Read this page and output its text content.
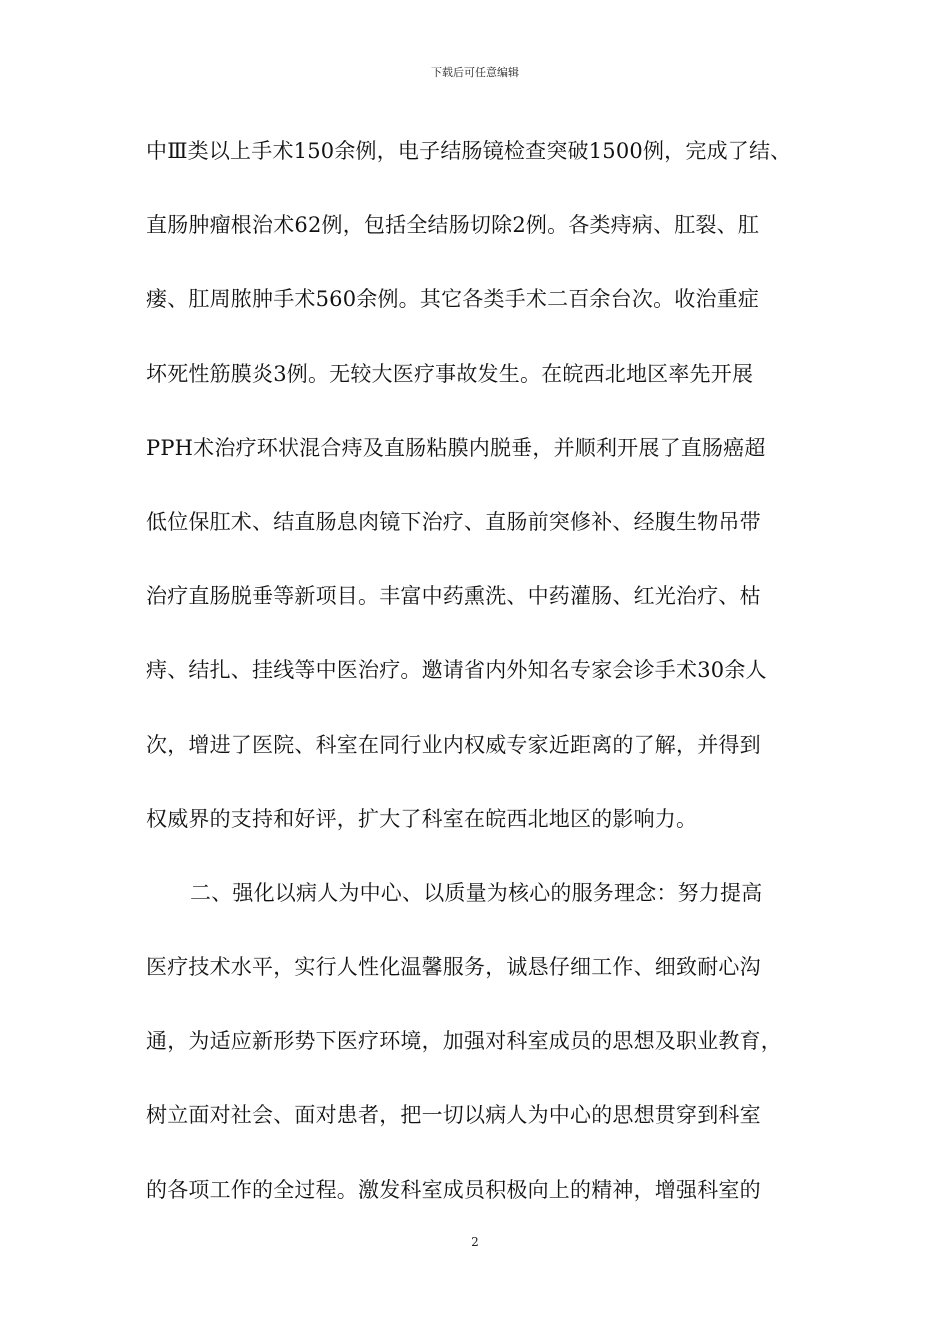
下载后可任意编辑
中Ⅲ类以上手术150余例，电子结肠镜检查突破1500例，完成了结、
直肠肿瘤根治术62例，包括全结肠切除2例。各类痔病、肛裂、肛
瘘、肛周脓肿手术560余例。其它各类手术二百余台次。收治重症
坏死性筋膜炎3例。无较大医疗事故发生。在皖西北地区率先开展
PPH术治疗环状混合痔及直肠粘膜内脱垂，并顺利开展了直肠癌超
低位保肛术、结直肠息肉镜下治疗、直肠前突修补、经腹生物吊带
治疗直肠脱垂等新项目。丰富中药熏洗、中药灌肠、红光治疗、枯
痔、结扎、挂线等中医治疗。邀请省内外知名专家会诊手术30余人
次，增进了医院、科室在同行业内权威专家近距离的了解，并得到
权威界的支持和好评，扩大了科室在皖西北地区的影响力。
二、强化以病人为中心、以质量为核心的服务理念：努力提高
医疗技术水平，实行人性化温馨服务，诚恳仔细工作、细致耐心沟
通，为适应新形势下医疗环境，加强对科室成员的思想及职业教育，
树立面对社会、面对患者，把一切以病人为中心的思想贯穿到科室
的各项工作的全过程。激发科室成员积极向上的精神，增强科室的
2
